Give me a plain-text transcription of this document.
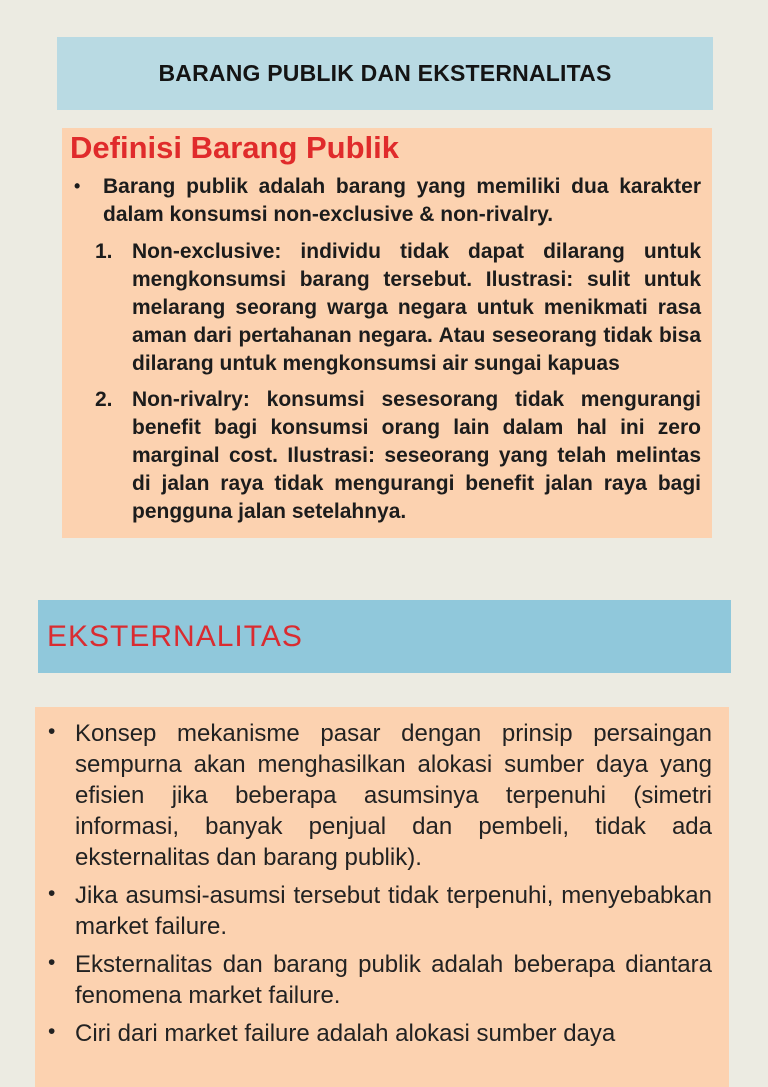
BARANG PUBLIK DAN EKSTERNALITAS
Definisi Barang Publik
•	Barang publik adalah barang yang memiliki dua karakter dalam konsumsi non-exclusive & non-rivalry.

1. Non-exclusive: individu tidak dapat dilarang untuk mengkonsumsi barang tersebut. Ilustrasi: sulit untuk melarang seorang warga negara untuk menikmati rasa aman dari pertahanan negara. Atau seseorang tidak bisa dilarang untuk mengkonsumsi air sungai kapuas

2. Non-rivalry: konsumsi sesesorang tidak mengurangi benefit bagi konsumsi orang lain dalam hal ini zero marginal cost. Ilustrasi: seseorang yang telah melintas di jalan raya tidak mengurangi benefit jalan raya bagi pengguna jalan setelahnya.

EKSTERNALITAS
• Konsep mekanisme pasar dengan prinsip persaingan sempurna akan menghasilkan alokasi sumber daya yang efisien jika beberapa asumsinya terpenuhi (simetri informasi, banyak penjual dan pembeli, tidak ada eksternalitas dan barang publik).

• Jika asumsi-asumsi tersebut tidak terpenuhi, menyebabkan market failure.

• Eksternalitas dan barang publik adalah beberapa diantara fenomena market failure.

• Ciri dari market failure adalah alokasi sumber daya
